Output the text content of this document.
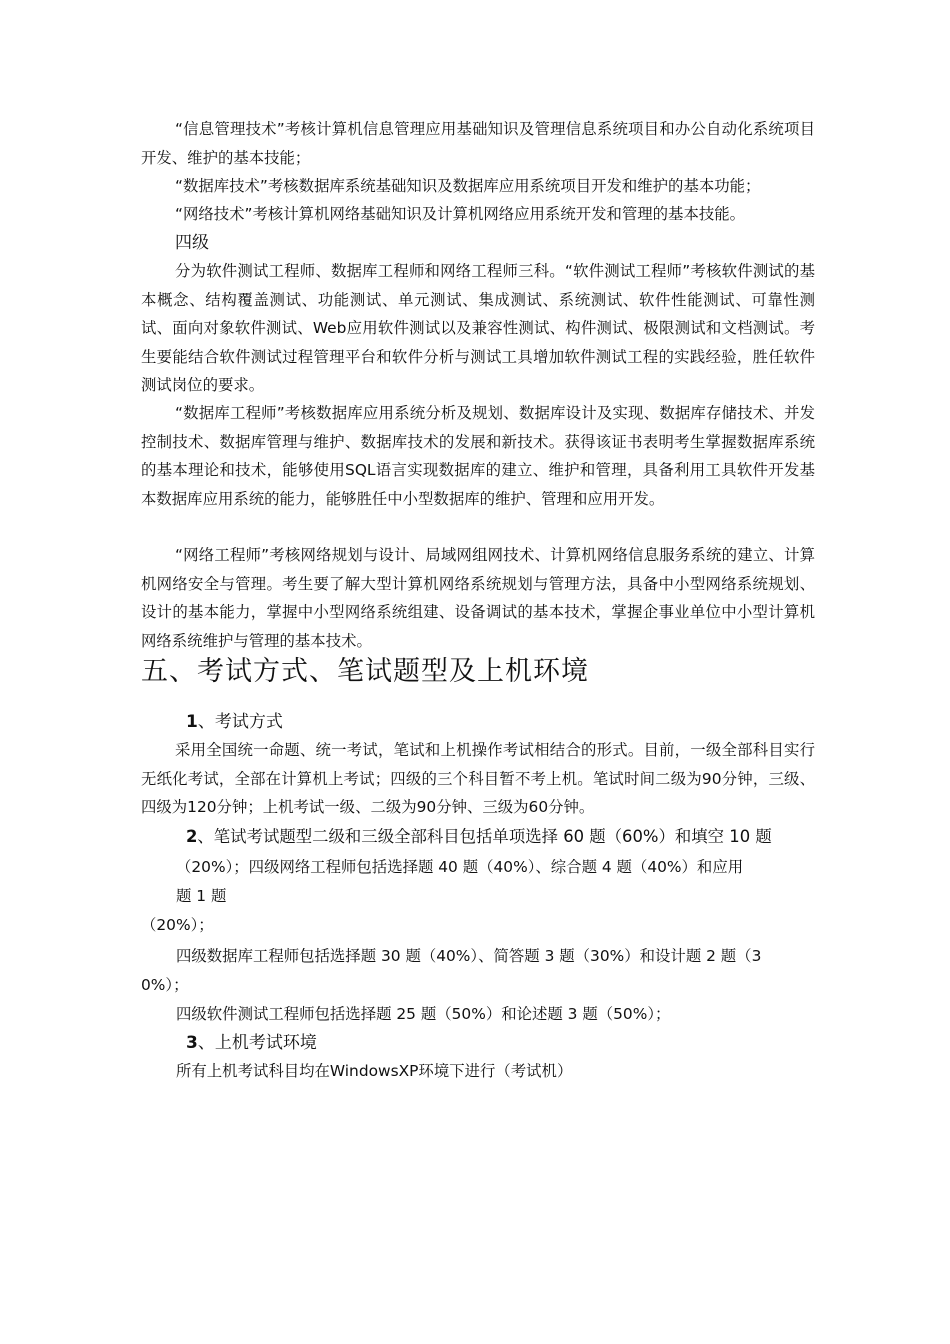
“信息管理技术”考核计算机信息管理应用基础知识及管理信息系统项目和办公自动化系统项目开发、维护的基本技能；

“数据库技术”考核数据库系统基础知识及数据库应用系统项目开发和维护的基本功能；

“网络技术”考核计算机网络基础知识及计算机网络应用系统开发和管理的基本技能。

四级

分为软件测试工程师、数据库工程师和网络工程师三科。“软件测试工程师”考核软件测试的基本概念、结构覆盖测试、功能测试、单元测试、集成测试、系统测试、软件性能测试、可靠性测试、面向对象软件测试、Web应用软件测试以及兼容性测试、构件测试、极限测试和文档测试。考生要能结合软件测试过程管理平台和软件分析与测试工具增加软件测试工程的实践经验，胜任软件测试岗位的要求。

“数据库工程师”考核数据库应用系统分析及规划、数据库设计及实现、数据库存储技术、并发控制技术、数据库管理与维护、数据库技术的发展和新技术。获得该证书表明考生掌握数据库系统的基本理论和技术，能够使用SQL语言实现数据库的建立、维护和管理，具备利用工具软件开发基本数据库应用系统的能力，能够胜任中小型数据库的维护、管理和应用开发。

“网络工程师”考核网络规划与设计、局域网组网技术、计算机网络信息服务系统的建立、计算机网络安全与管理。考生要了解大型计算机网络系统规划与管理方法，具备中小型网络系统规划、设计的基本能力，掌握中小型网络系统组建、设备调试的基本技术，掌握企事业单位中小型计算机网络系统维护与管理的基本技术。

五、考试方式、笔试题型及上机环境
1、考试方式

采用全国统一命题、统一考试，笔试和上机操作考试相结合的形式。目前，一级全部科目实行无纸化考试，全部在计算机上考试；四级的三个科目暂不考上机。笔试时间二级为90分钟，三级、四级为120分钟；上机考试一级、二级为90分钟、三级为60分钟。

2、笔试考试题型二级和三级全部科目包括单项选择 60 题（60%）和填空 10 题
（20%）；四级网络工程师包括选择题 40 题（40%）、综合题 4 题（40%）和应用
题 1 题
（20%）；
四级数据库工程师包括选择题 30 题（40%）、简答题 3 题（30%）和设计题 2 题（3
0%）；
四级软件测试工程师包括选择题 25 题（50%）和论述题 3 题（50%）；
3、上机考试环境
所有上机考试科目均在WindowsXP环境下进行（考试机）
